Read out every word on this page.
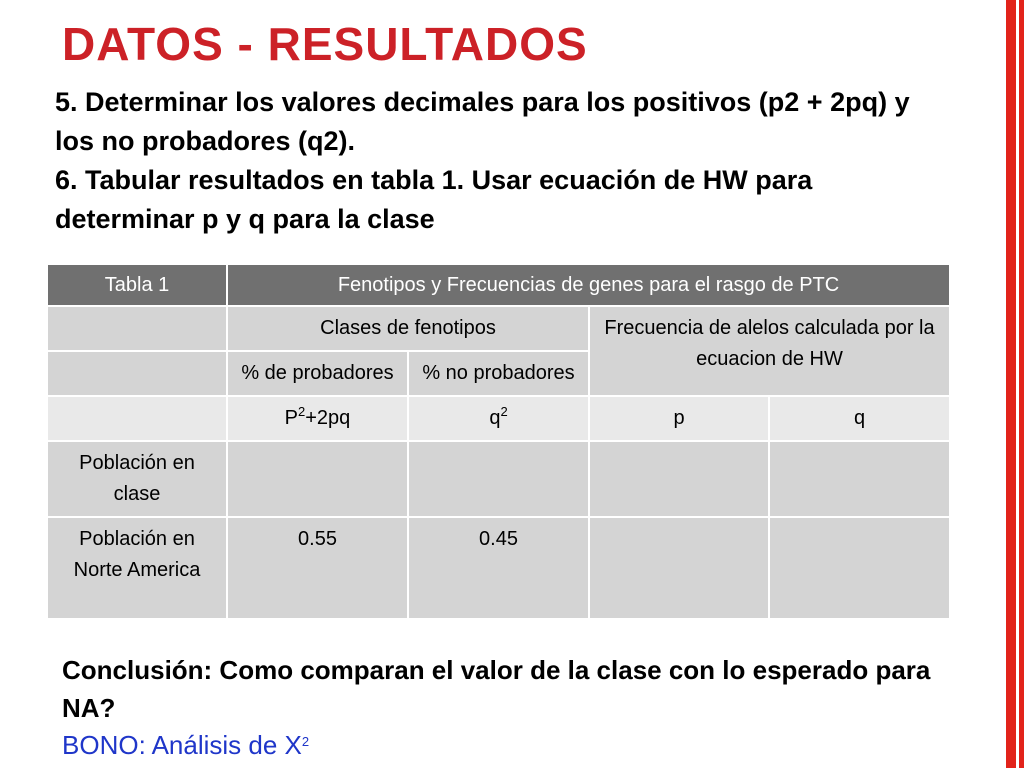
DATOS - RESULTADOS

5. Determinar los valores decimales para los positivos (p2 + 2pq) y los no probadores (q2).

6. Tabular resultados en tabla 1. Usar ecuación de HW para determinar p y q para la clase

Tabla 1	Fenotipos y Frecuencias de genes para el rasgo de PTC			
	Clases de fenotipos		Frecuencia de alelos calculada por la ecuacion de HW	
	% de probadores	% no probadores		
	$P^2+2pq$	$q^2$	p	q
Población en clase				
Población en Norte America	0.55	0.45		
Conclusión: Como comparan el valor de la clase con lo esperado para NA?
BONO: Análisis de $X^2$
